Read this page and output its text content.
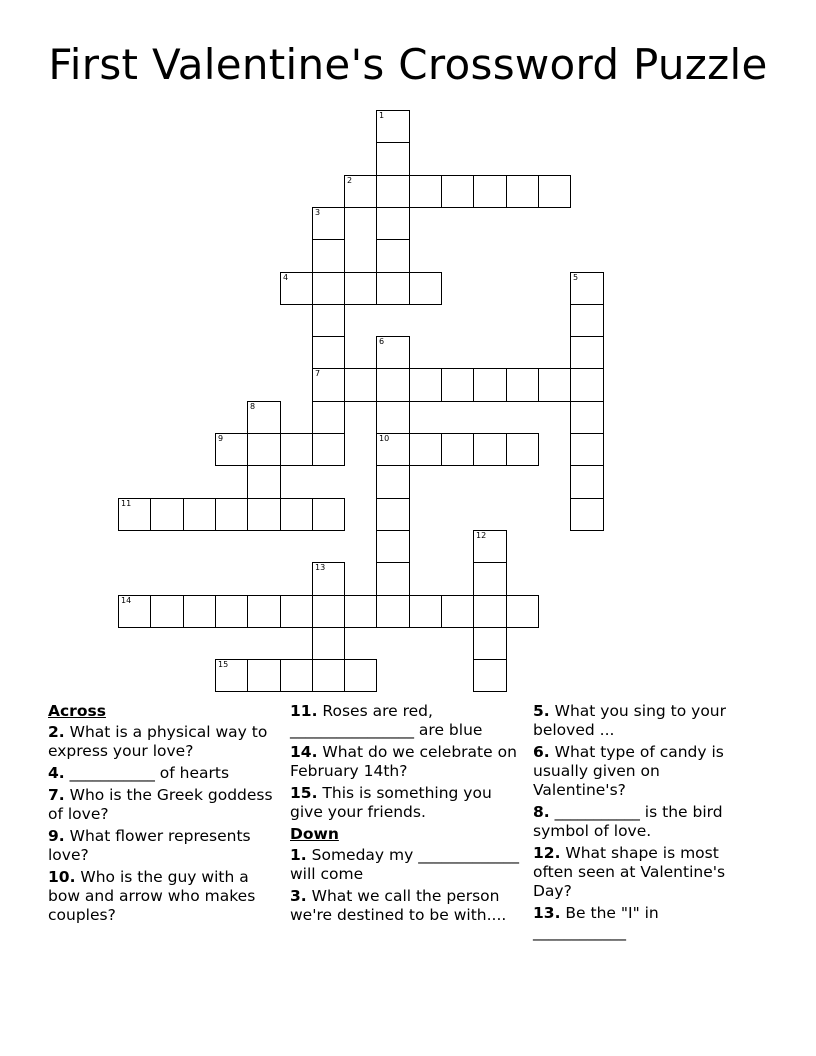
First Valentine's Crossword Puzzle
2
4
7
9	10
11
14
15
1
3
5
6
8
12
13
Across
2. What is a physical way to express your love?
4. ___________ of hearts
7. Who is the Greek goddess of love?
9. What flower represents love?
10. Who is the guy with a bow and arrow who makes couples?
11. Roses are red, ________________ are blue
14. What do we celebrate on February 14th?
15. This is something you give your friends.
Down
1. Someday my _____________ will come
3. What we call the person we're destined to be with....
5. What you sing to your beloved ...
6. What type of candy is usually given on Valentine's?
8. ___________ is the bird symbol of love.
12. What shape is most often seen at Valentine's Day?
13. Be the "I" in ____________
